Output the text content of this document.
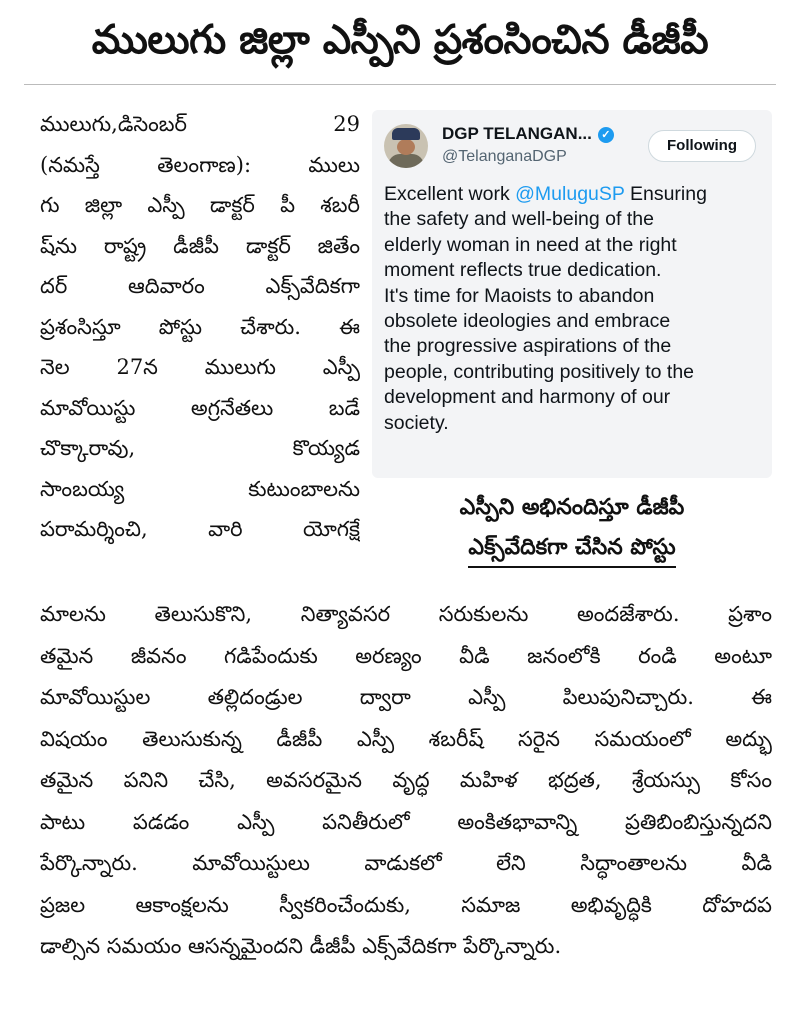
ములుగు జిల్లా ఎస్పీని ప్రశంసించిన డీజీపీ
ములుగు,డిసెంబర్ 29
(నమస్తే తెలంగాణ): ములు
గు జిల్లా ఎస్పీ డాక్టర్ పీ శబరీ
ష్‌ను రాష్ట్ర డీజీపీ డాక్టర్ జితేం
దర్ ఆదివారం ఎక్స్‌వేదికగా
ప్రశంసిస్తూ పోస్టు చేశారు. ఈ
నెల 27న ములుగు ఎస్పీ
మావోయిస్టు అగ్రనేతలు బడే
చొక్కారావు, కొయ్యడ
సాంబయ్య కుటుంబాలను
పరామర్శించి, వారి యోగక్షే
DGP TELANGAN... ✓
@TelanganaDGP
Following
Excellent work @MuluguSP Ensuring
the safety and well-being of the
elderly woman in need at the right
moment reflects true dedication.
It's time for Maoists to abandon
obsolete ideologies and embrace
the progressive aspirations of the
people, contributing positively to the
development and harmony of our
society.
ఎస్పీని అభినందిస్తూ డీజీపీ
ఎక్స్‌వేదికగా చేసిన పోస్టు
మాలను తెలుసుకొని, నిత్యావసర సరుకులను అందజేశారు. ప్రశాం
తమైన జీవనం గడిపేందుకు అరణ్యం వీడి జనంలోకి రండి అంటూ
మావోయిస్టుల తల్లిదండ్రుల ద్వారా ఎస్పీ పిలుపునిచ్చారు. ఈ
విషయం తెలుసుకున్న డీజీపీ ఎస్పీ శబరీష్ సరైన సమయంలో అద్భు
తమైన పనిని చేసి, అవసరమైన వృద్ధ మహిళ భద్రత, శ్రేయస్సు కోసం
పాటు పడడం ఎస్పీ పనితీరులో అంకితభావాన్ని ప్రతిబింబిస్తున్నదని
పేర్కొన్నారు. మావోయిస్టులు వాడుకలో లేని సిద్ధాంతాలను వీడి
ప్రజల ఆకాంక్షలను స్వీకరించేందుకు, సమాజ అభివృద్ధికి దోహదప
డాల్సిన సమయం ఆసన్నమైందని డీజీపీ ఎక్స్‌వేదికగా పేర్కొన్నారు.
